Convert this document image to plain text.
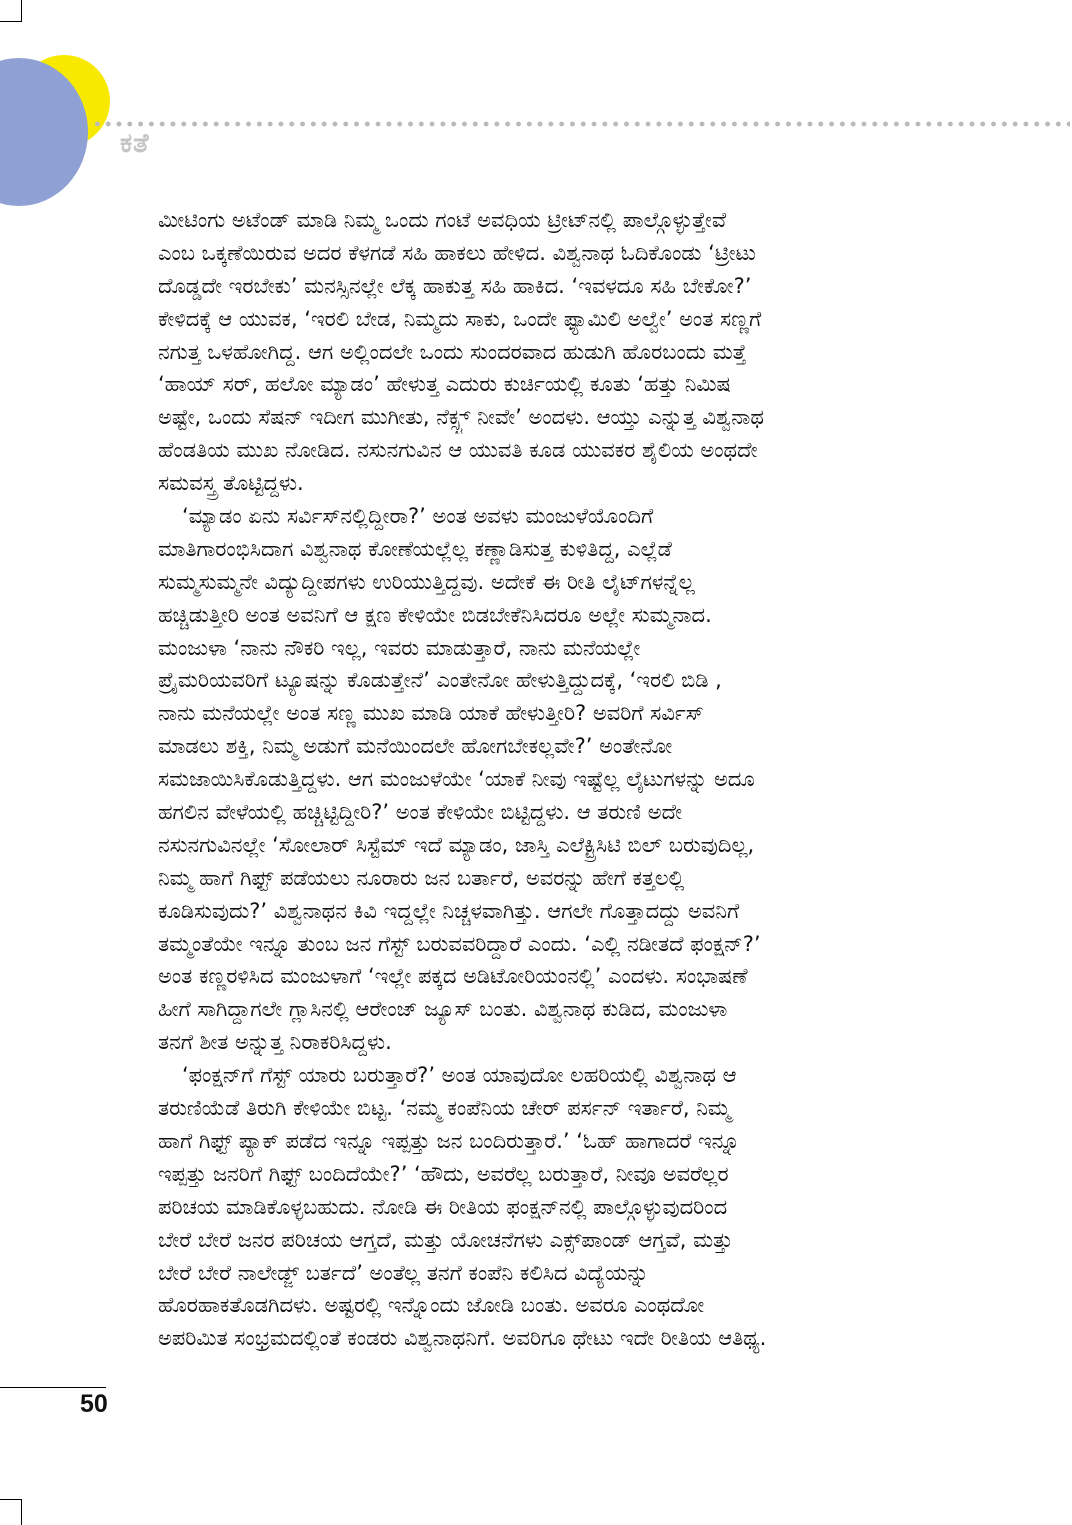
ಕತೆ
ಮೀಟಿಂಗು ಅಟೆಂಡ್ ಮಾಡಿ ನಿಮ್ಮ ಒಂದು ಗಂಟೆ ಅವಧಿಯ ಟ್ರೀಟ್‌ನಲ್ಲಿ ಪಾಲ್ಗೊಳ್ಳುತ್ತೇವೆ
ಎಂಬ ಒಕ್ಕಣೆಯಿರುವ ಅದರ ಕೆಳಗಡೆ ಸಹಿ ಹಾಕಲು ಹೇಳಿದ. ವಿಶ್ವನಾಥ ಓದಿಕೊಂಡು ‘ಟ್ರೀಟು
ದೊಡ್ಡದೇ ಇರಬೇಕು’ ಮನಸ್ಸಿನಲ್ಲೇ ಲೆಕ್ಕ ಹಾಕುತ್ತ ಸಹಿ ಹಾಕಿದ. ‘ಇವಳದೂ ಸಹಿ ಬೇಕೋ?’
ಕೇಳಿದಕ್ಕೆ ಆ ಯುವಕ, ‘ಇರಲಿ ಬೇಡ, ನಿಮ್ಮದು ಸಾಕು, ಒಂದೇ ಫ್ಯಾಮಿಲಿ ಅಲ್ವೇ’ ಅಂತ ಸಣ್ಣಗೆ
ನಗುತ್ತ ಒಳಹೋಗಿದ್ದ. ಆಗ ಅಲ್ಲಿಂದಲೇ ಒಂದು ಸುಂದರವಾದ ಹುಡುಗಿ ಹೊರಬಂದು ಮತ್ತೆ
‘ಹಾಯ್ ಸರ್, ಹಲೋ ಮ್ಯಾಡಂ’ ಹೇಳುತ್ತ ಎದುರು ಕುರ್ಚಿಯಲ್ಲಿ ಕೂತು ‘ಹತ್ತು ನಿಮಿಷ
ಅಷ್ಟೇ, ಒಂದು ಸೆಷನ್ ಇದೀಗ ಮುಗೀತು, ನೆಕ್ಸ್ಟ್ ನೀವೇ’ ಅಂದಳು. ಆಯ್ತು ಎನ್ನುತ್ತ ವಿಶ್ವನಾಥ
ಹೆಂಡತಿಯ ಮುಖ ನೋಡಿದ. ನಸುನಗುವಿನ ಆ ಯುವತಿ ಕೂಡ ಯುವಕರ ಶೈಲಿಯ ಅಂಥದೇ
ಸಮವಸ್ತ್ರ ತೊಟ್ಟಿದ್ದಳು.
‘ಮ್ಯಾಡಂ ಏನು ಸರ್ವಿಸ್‌ನಲ್ಲಿದ್ದೀರಾ?’ ಅಂತ ಅವಳು ಮಂಜುಳೆಯೊಂದಿಗೆ
ಮಾತಿಗಾರಂಭಿಸಿದಾಗ ವಿಶ್ವನಾಥ ಕೋಣೆಯಲ್ಲೆಲ್ಲ ಕಣ್ಣಾಡಿಸುತ್ತ ಕುಳಿತಿದ್ದ, ಎಲ್ಲೆಡೆ
ಸುಮ್ಮಸುಮ್ಮನೇ ವಿದ್ಯುದ್ದೀಪಗಳು ಉರಿಯುತ್ತಿದ್ದವು. ಅದೇಕೆ ಈ ರೀತಿ ಲೈಟ್‌ಗಳನ್ನೆಲ್ಲ
ಹಚ್ಚಿಡುತ್ತೀರಿ ಅಂತ ಅವನಿಗೆ ಆ ಕ್ಷಣ ಕೇಳಿಯೇ ಬಿಡಬೇಕೆನಿಸಿದರೂ ಅಲ್ಲೇ ಸುಮ್ಮನಾದ.
ಮಂಜುಳಾ ‘ನಾನು ನೌಕರಿ ಇಲ್ಲ, ಇವರು ಮಾಡುತ್ತಾರೆ, ನಾನು ಮನೆಯಲ್ಲೇ
ಪ್ರೈಮರಿಯವರಿಗೆ ಟ್ಯೂಷನ್ನು ಕೊಡುತ್ತೇನೆ’ ಎಂತೇನೋ ಹೇಳುತ್ತಿದ್ದುದಕ್ಕೆ, ‘ಇರಲಿ ಬಿಡಿ ,
ನಾನು ಮನೆಯಲ್ಲೇ ಅಂತ ಸಣ್ಣ ಮುಖ ಮಾಡಿ ಯಾಕೆ ಹೇಳುತ್ತೀರಿ? ಅವರಿಗೆ ಸರ್ವಿಸ್
ಮಾಡಲು ಶಕ್ತಿ, ನಿಮ್ಮ ಅಡುಗೆ ಮನೆಯಿಂದಲೇ ಹೋಗಬೇಕಲ್ಲವೇ?’ ಅಂತೇನೋ
ಸಮಜಾಯಿಸಿಕೊಡುತ್ತಿದ್ದಳು. ಆಗ ಮಂಜುಳೆಯೇ ‘ಯಾಕೆ ನೀವು ಇಷ್ಟೆಲ್ಲ ಲೈಟುಗಳನ್ನು ಅದೂ
ಹಗಲಿನ ವೇಳೆಯಲ್ಲಿ ಹಚ್ಚಿಟ್ಟಿದ್ದೀರಿ?’ ಅಂತ ಕೇಳಿಯೇ ಬಿಟ್ಟಿದ್ದಳು. ಆ ತರುಣಿ ಅದೇ
ನಸುನಗುವಿನಲ್ಲೇ ‘ಸೋಲಾರ್ ಸಿಸ್ಟೆಮ್ ಇದೆ ಮ್ಯಾಡಂ, ಜಾಸ್ತಿ ಎಲೆಕ್ಟ್ರಿಸಿಟಿ ಬಿಲ್ ಬರುವುದಿಲ್ಲ,
ನಿಮ್ಮ ಹಾಗೆ ಗಿಫ್ಟ್ ಪಡೆಯಲು ನೂರಾರು ಜನ ಬರ್ತಾರೆ, ಅವರನ್ನು ಹೇಗೆ ಕತ್ತಲಲ್ಲಿ
ಕೂಡಿಸುವುದು?’ ವಿಶ್ವನಾಥನ ಕಿವಿ ಇದ್ದಲ್ಲೇ ನಿಚ್ಚಳವಾಗಿತ್ತು. ಆಗಲೇ ಗೊತ್ತಾದದ್ದು ಅವನಿಗೆ
ತಮ್ಮಂತೆಯೇ ಇನ್ನೂ ತುಂಬ ಜನ ಗೆಸ್ಟ್ ಬರುವವರಿದ್ದಾರೆ ಎಂದು. ‘ಎಲ್ಲಿ ನಡೀತದೆ ಫಂಕ್ಷನ್?’
ಅಂತ ಕಣ್ಣರಳಿಸಿದ ಮಂಜುಳಾಗೆ ‘ಇಲ್ಲೇ ಪಕ್ಕದ ಅಡಿಟೋರಿಯಂನಲ್ಲಿ’ ಎಂದಳು. ಸಂಭಾಷಣೆ
ಹೀಗೆ ಸಾಗಿದ್ದಾಗಲೇ ಗ್ಲಾಸಿನಲ್ಲಿ ಆರೇಂಜ್ ಜ್ಯೂಸ್ ಬಂತು. ವಿಶ್ವನಾಥ ಕುಡಿದ, ಮಂಜುಳಾ
ತನಗೆ ಶೀತ ಅನ್ನುತ್ತ ನಿರಾಕರಿಸಿದ್ದಳು.
‘ಫಂಕ್ಷನ್‌ಗೆ ಗೆಸ್ಟ್ ಯಾರು ಬರುತ್ತಾರೆ?’ ಅಂತ ಯಾವುದೋ ಲಹರಿಯಲ್ಲಿ ವಿಶ್ವನಾಥ ಆ
ತರುಣಿಯೆಡೆ ತಿರುಗಿ ಕೇಳಿಯೇ ಬಿಟ್ಟ. ‘ನಮ್ಮ ಕಂಪೆನಿಯ ಚೇರ್ ಪರ್ಸನ್ ಇರ್ತಾರೆ, ನಿಮ್ಮ
ಹಾಗೆ ಗಿಫ್ಟ್ ಪ್ಯಾಕ್ ಪಡೆದ ಇನ್ನೂ ಇಪ್ಪತ್ತು ಜನ ಬಂದಿರುತ್ತಾರೆ.’ ‘ಓಹ್ ಹಾಗಾದರೆ ಇನ್ನೂ
ಇಪ್ಪತ್ತು ಜನರಿಗೆ ಗಿಫ್ಟ್ ಬಂದಿದೆಯೇ?’ ‘ಹೌದು, ಅವರೆಲ್ಲ ಬರುತ್ತಾರೆ, ನೀವೂ ಅವರೆಲ್ಲರ
ಪರಿಚಯ ಮಾಡಿಕೊಳ್ಳಬಹುದು. ನೋಡಿ ಈ ರೀತಿಯ ಫಂಕ್ಷನ್‌ನಲ್ಲಿ ಪಾಲ್ಗೊಳ್ಳುವುದರಿಂದ
ಬೇರೆ ಬೇರೆ ಜನರ ಪರಿಚಯ ಆಗ್ತದೆ, ಮತ್ತು ಯೋಚನೆಗಳು ಎಕ್ಸ್‌ಪಾಂಡ್ ಆಗ್ತವೆ, ಮತ್ತು
ಬೇರೆ ಬೇರೆ ನಾಲೇಡ್ಜ್ ಬರ್ತದೆ’ ಅಂತೆಲ್ಲ ತನಗೆ ಕಂಪೆನಿ ಕಲಿಸಿದ ವಿದ್ಯೆಯನ್ನು
ಹೊರಹಾಕತೊಡಗಿದಳು. ಅಷ್ಟರಲ್ಲಿ ಇನ್ನೊಂದು ಜೋಡಿ ಬಂತು. ಅವರೂ ಎಂಥದೋ
ಅಪರಿಮಿತ ಸಂಭ್ರಮದಲ್ಲಿಂತೆ ಕಂಡರು ವಿಶ್ವನಾಥನಿಗೆ. ಅವರಿಗೂ ಥೇಟು ಇದೇ ರೀತಿಯ ಆತಿಥ್ಯ.
50
